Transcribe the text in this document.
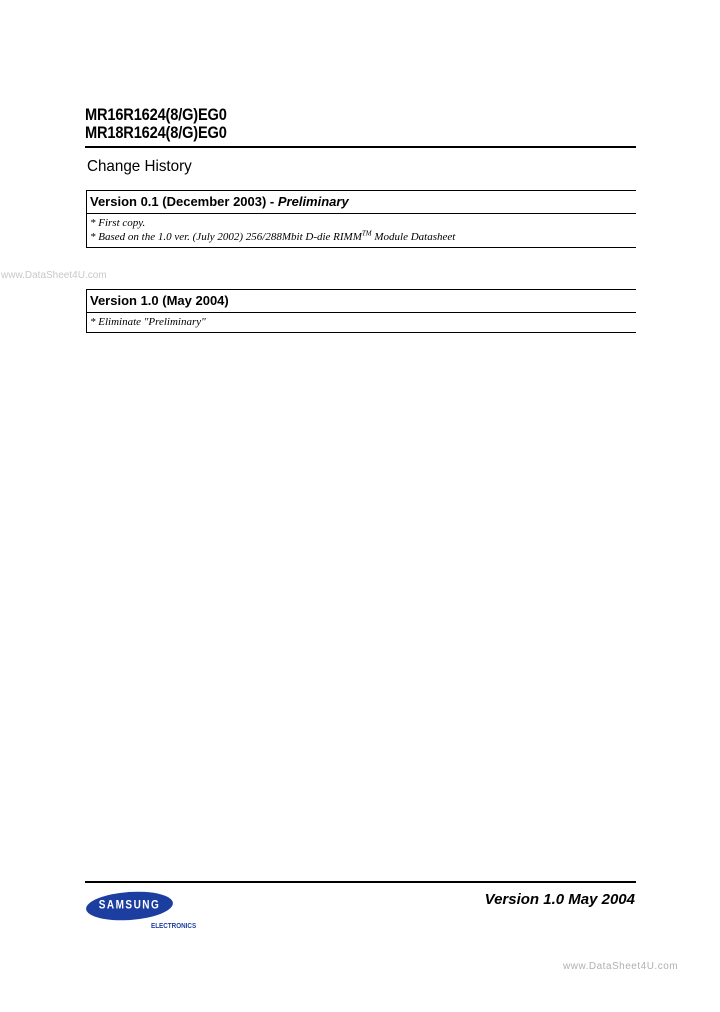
MR16R1624(8/G)EG0
MR18R1624(8/G)EG0
Change History
Version 0.1 (December 2003) - Preliminary
* First copy.
* Based on the 1.0 ver. (July 2002) 256/288Mbit D-die RIMM™ Module Datasheet
www.DataSheet4U.com
Version 1.0 (May 2004)
* Eliminate "Preliminary"
SAMSUNG
ELECTRONICS
Version 1.0 May 2004
www.DataSheet4U.com
